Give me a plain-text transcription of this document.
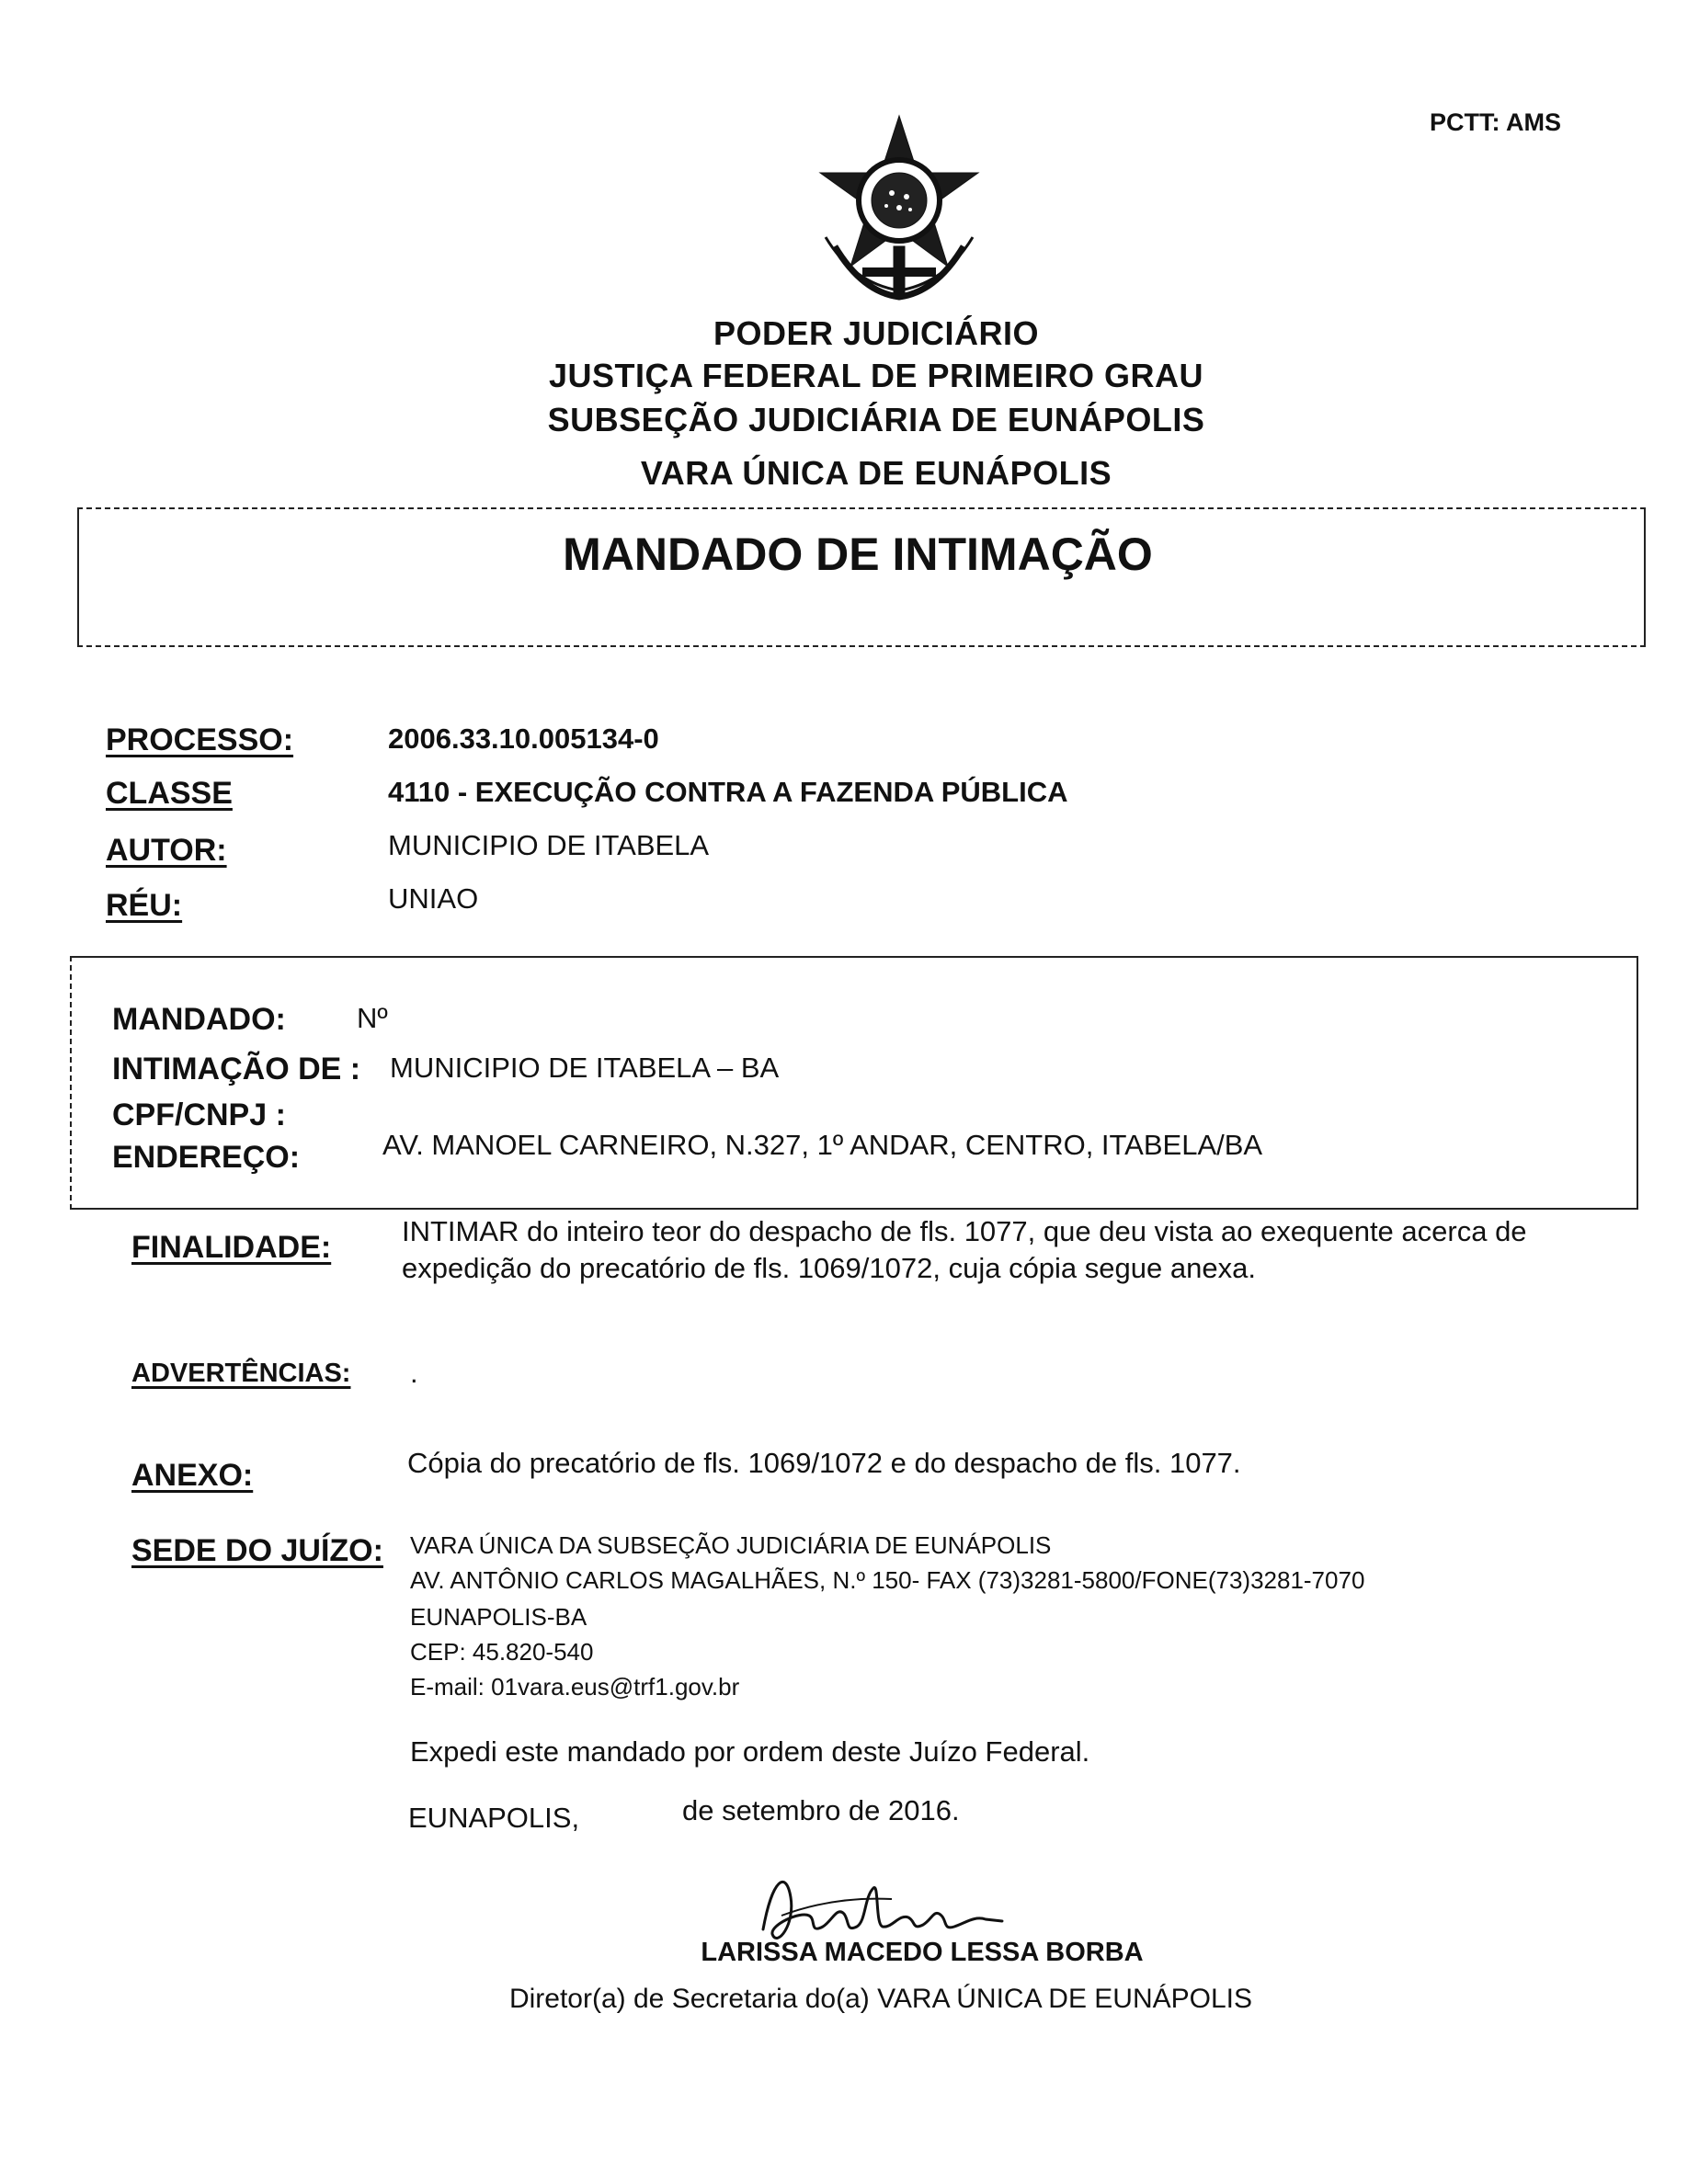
PCTT: AMS
PODER JUDICIÁRIO
JUSTIÇA FEDERAL DE PRIMEIRO GRAU
SUBSEÇÃO JUDICIÁRIA DE EUNÁPOLIS
VARA ÚNICA DE EUNÁPOLIS
MANDADO DE INTIMAÇÃO
PROCESSO:	2006.33.10.005134-0
CLASSE	4110 - EXECUÇÃO CONTRA A FAZENDA PÚBLICA
AUTOR:	MUNICIPIO DE ITABELA
RÉU:	UNIAO
MANDADO: Nº
INTIMAÇÃO DE : MUNICIPIO DE ITABELA – BA
CPF/CNPJ :
ENDEREÇO:	AV. MANOEL CARNEIRO, N.327, 1º ANDAR, CENTRO, ITABELA/BA
FINALIDADE: INTIMAR do inteiro teor do despacho de fls. 1077, que deu vista ao exequente acerca de
expedição do precatório de fls. 1069/1072, cuja cópia segue anexa.
ADVERTÊNCIAS: .
ANEXO:	Cópia do precatório de fls. 1069/1072 e do despacho de fls. 1077.
SEDE DO JUÍZO: VARA ÚNICA DA SUBSEÇÃO JUDICIÁRIA DE EUNÁPOLIS
AV. ANTÔNIO CARLOS MAGALHÃES, N.º 150- FAX (73)3281-5800/FONE(73)3281-7070
EUNAPOLIS-BA
CEP: 45.820-540
E-mail: 01vara.eus@trf1.gov.br
Expedi este mandado por ordem deste Juízo Federal.
EUNAPOLIS,	de setembro de 2016.
LARISSA MACEDO LESSA BORBA
Diretor(a) de Secretaria do(a) VARA ÚNICA DE EUNÁPOLIS
